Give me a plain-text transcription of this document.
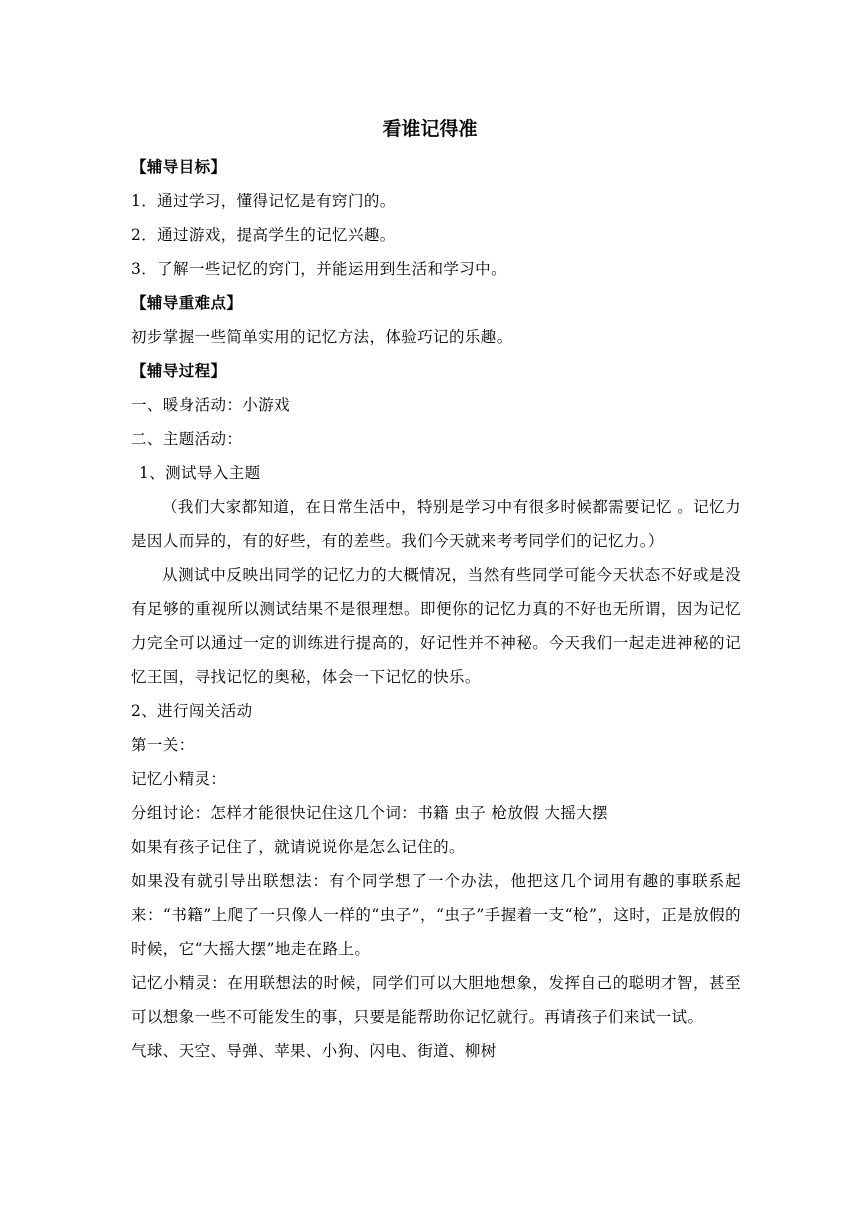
看谁记得准

【辅导目标】

1．通过学习，懂得记忆是有窍门的。

2．通过游戏，提高学生的记忆兴趣。

3．了解一些记忆的窍门，并能运用到生活和学习中。

【辅导重难点】

初步掌握一些简单实用的记忆方法，体验巧记的乐趣。

【辅导过程】

一、暖身活动：小游戏

二、主题活动：

1、测试导入主题

（我们大家都知道，在日常生活中，特别是学习中有很多时候都需要记忆 。记忆力是因人而异的，有的好些，有的差些。我们今天就来考考同学们的记忆力。）

从测试中反映出同学的记忆力的大概情况，当然有些同学可能今天状态不好或是没有足够的重视所以测试结果不是很理想。即便你的记忆力真的不好也无所谓，因为记忆力完全可以通过一定的训练进行提高的，好记性并不神秘。今天我们一起走进神秘的记忆王国，寻找记忆的奥秘，体会一下记忆的快乐。

2、进行闯关活动

第一关：

记忆小精灵：

分组讨论：怎样才能很快记住这几个词：书籍 虫子 枪放假 大摇大摆

如果有孩子记住了，就请说说你是怎么记住的。

如果没有就引导出联想法：有个同学想了一个办法，他把这几个词用有趣的事联系起来：“书籍”上爬了一只像人一样的“虫子”，“虫子”手握着一支“枪”，这时，正是放假的时候，它“大摇大摆”地走在路上。

记忆小精灵：在用联想法的时候，同学们可以大胆地想象，发挥自己的聪明才智，甚至可以想象一些不可能发生的事，只要是能帮助你记忆就行。再请孩子们来试一试。

气球、天空、导弹、苹果、小狗、闪电、街道、柳树
